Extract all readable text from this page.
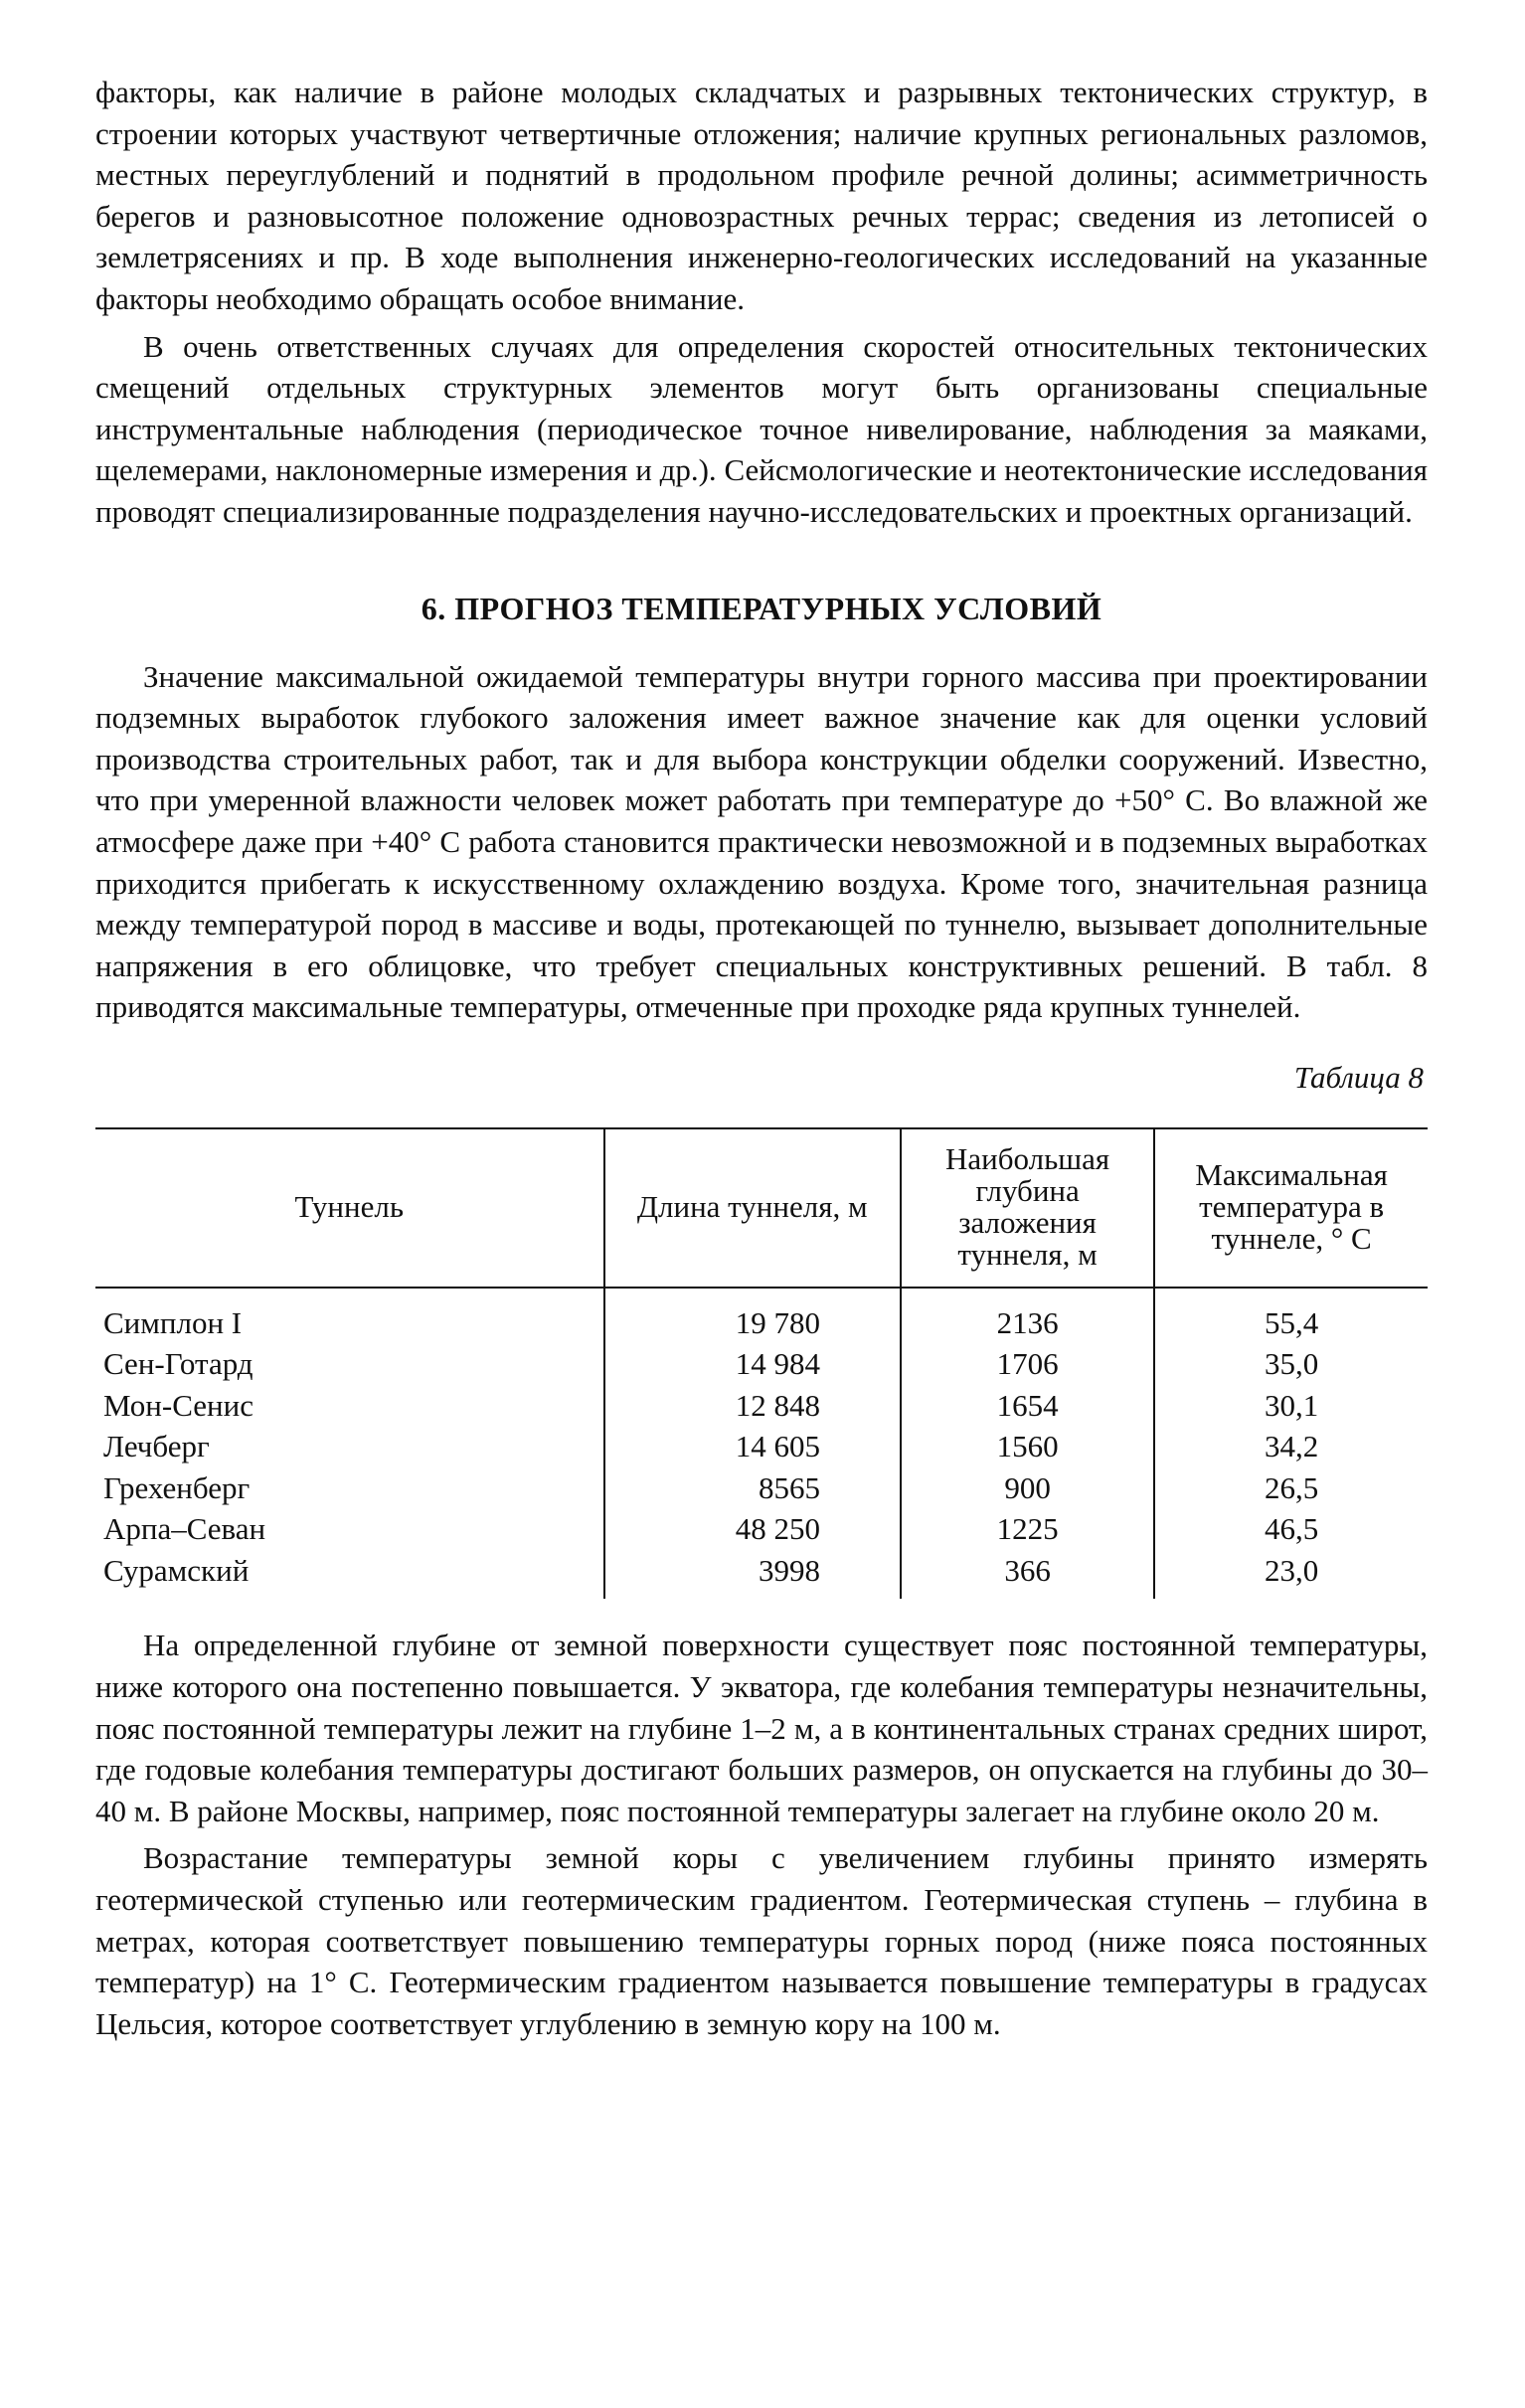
факторы, как наличие в районе молодых складчатых и разрывных тектонических структур, в строении которых участвуют четвертичные отложения; наличие крупных региональных разломов, местных переуглублений и поднятий в продольном профиле речной долины; асимметричность берегов и разновысотное положение одновозрастных речных террас; сведения из летописей о землетрясениях и пр. В ходе выполнения инженерно-геологических исследований на указанные факторы необходимо обращать особое внимание.

В очень ответственных случаях для определения скоростей относительных тектонических смещений отдельных структурных элементов могут быть организованы специальные инструментальные наблюдения (периодическое точное нивелирование, наблюдения за маяками, щелемерами, наклономерные измерения и др.). Сейсмологические и неотектонические исследования проводят специализированные подразделения научно-исследовательских и проектных организаций.

6. ПРОГНОЗ ТЕМПЕРАТУРНЫХ УСЛОВИЙ

Значение максимальной ожидаемой температуры внутри горного массива при проектировании подземных выработок глубокого заложения имеет важное значение как для оценки условий производства строительных работ, так и для выбора конструкции обделки сооружений. Известно, что при умеренной влажности человек может работать при температуре до +50° С. Во влажной же атмосфере даже при +40° С работа становится практически невозможной и в подземных выработках приходится прибегать к искусственному охлаждению воздуха. Кроме того, значительная разница между температурой пород в массиве и воды, протекающей по туннелю, вызывает дополнительные напряжения в его облицовке, что требует специальных конструктивных решений. В табл. 8 приводятся максимальные температуры, отмеченные при проходке ряда крупных туннелей.

Таблица 8
Туннель	Длина туннеля, м	Наибольшая глубина заложения туннеля, м	Максимальная температура в туннеле, ° С
Симплон I	19 780	2136	55,4
Сен-Готард	14 984	1706	35,0
Мон-Сенис	12 848	1654	30,1
Лечберг	14 605	1560	34,2
Грехенберг	8565	900	26,5
Арпа–Севан	48 250	1225	46,5
Сурамский	3998	366	23,0

На определенной глубине от земной поверхности существует пояс постоянной температуры, ниже которого она постепенно повышается. У экватора, где колебания температуры незначительны, пояс постоянной температуры лежит на глубине 1–2 м, а в континентальных странах средних широт, где годовые колебания температуры достигают больших размеров, он опускается на глубины до 30–40 м. В районе Москвы, например, пояс постоянной температуры залегает на глубине около 20 м.

Возрастание температуры земной коры с увеличением глубины принято измерять геотермической ступенью или геотермическим градиентом. Геотермическая ступень – глубина в метрах, которая соответствует повышению температуры горных пород (ниже пояса постоянных температур) на 1° С. Геотермическим градиентом называется повышение температуры в градусах Цельсия, которое соответствует углублению в земную кору на 100 м.
